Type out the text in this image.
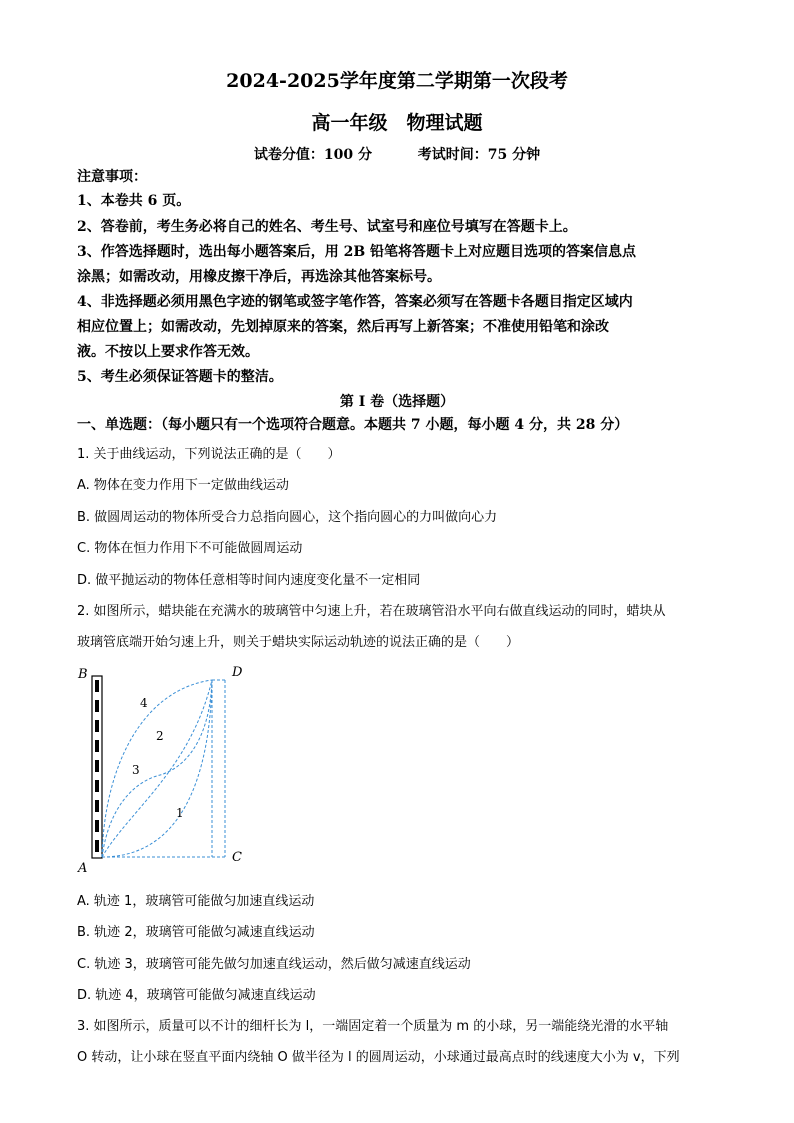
2024-2025学年度第二学期第一次段考
高一年级　物理试题
试卷分值：100 分	考试时间：75 分钟
注意事项：
1、本卷共 6 页。
2、答卷前，考生务必将自己的姓名、考生号、试室号和座位号填写在答题卡上。
3、作答选择题时，选出每小题答案后，用 2B 铅笔将答题卡上对应题目选项的答案信息点
涂黑；如需改动，用橡皮擦干净后，再选涂其他答案标号。
4、非选择题必须用黑色字迹的钢笔或签字笔作答，答案必须写在答题卡各题目指定区域内
相应位置上；如需改动，先划掉原来的答案，然后再写上新答案；不准使用铅笔和涂改
液。不按以上要求作答无效。
5、考生必须保证答题卡的整洁。
第 I 卷（选择题）
一、单选题：（每小题只有一个选项符合题意。本题共 7 小题，每小题 4 分，共 28 分）
1. 关于曲线运动，下列说法正确的是（　　）
A. 物体在变力作用下一定做曲线运动
B. 做圆周运动的物体所受合力总指向圆心，这个指向圆心的力叫做向心力
C. 物体在恒力作用下不可能做圆周运动
D. 做平抛运动的物体任意相等时间内速度变化量不一定相同
2. 如图所示，蜡块能在充满水的玻璃管中匀速上升，若在玻璃管沿水平向右做直线运动的同时，蜡块从
玻璃管底端开始匀速上升，则关于蜡块实际运动轨迹的说法正确的是（　　）
B	D
A
C
4
2
3
1
A. 轨迹 1，玻璃管可能做匀加速直线运动
B. 轨迹 2，玻璃管可能做匀减速直线运动
C. 轨迹 3，玻璃管可能先做匀加速直线运动，然后做匀减速直线运动
D. 轨迹 4，玻璃管可能做匀减速直线运动
3. 如图所示，质量可以不计的细杆长为 l，一端固定着一个质量为 m 的小球，另一端能绕光滑的水平轴
O 转动，让小球在竖直平面内绕轴 O 做半径为 l 的圆周运动，小球通过最高点时的线速度大小为 v，下列
